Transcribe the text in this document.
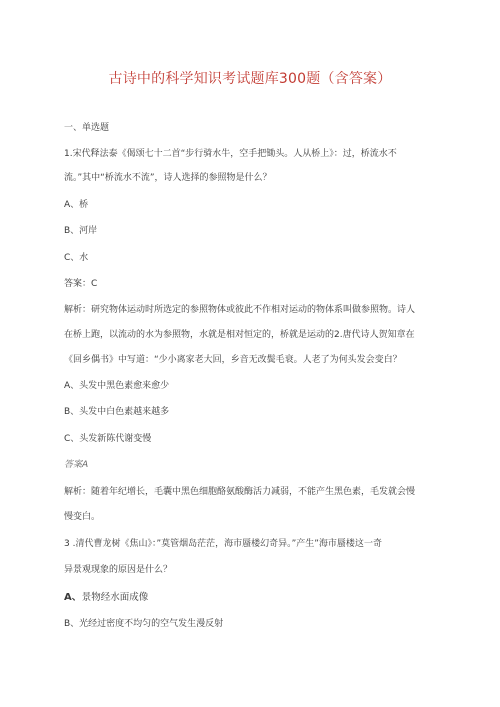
古诗中的科学知识考试题库300题（含答案）
一、单选题
1.宋代释法泰《偈颂七十二首“步行骑水牛，空手把锄头。人从桥上》：过，桥流水不
流。”其中“桥流水不流”，诗人选择的参照物是什么？
A、桥
B、河岸
C、水
答案：C
解析：研究物体运动时所选定的参照物体或彼此不作相对运动的物体系叫做参照物。诗人
在桥上跑，以流动的水为参照物，水就是相对恒定的，桥就是运动的2.唐代诗人贺知章在
《回乡偶书》中写道：“少小离家老大回，乡音无改鬓毛衰。人老了为何头发会变白？
A、头发中黑色素愈来愈少
B、头发中白色素越来越多
C、头发新陈代谢变慢
答案A
解析：随着年纪增长，毛囊中黑色细胞酪氨酸酶活力减弱，不能产生黑色素，毛发就会慢
慢变白。
3 .清代曹龙树《焦山》：”莫管烟岛茫茫，海市蜃楼幻奇异。”产生”海市蜃楼这一奇
异景观现象的原因是什么？
A、景物经水面成像
B、光经过密度不均匀的空气发生漫反射
